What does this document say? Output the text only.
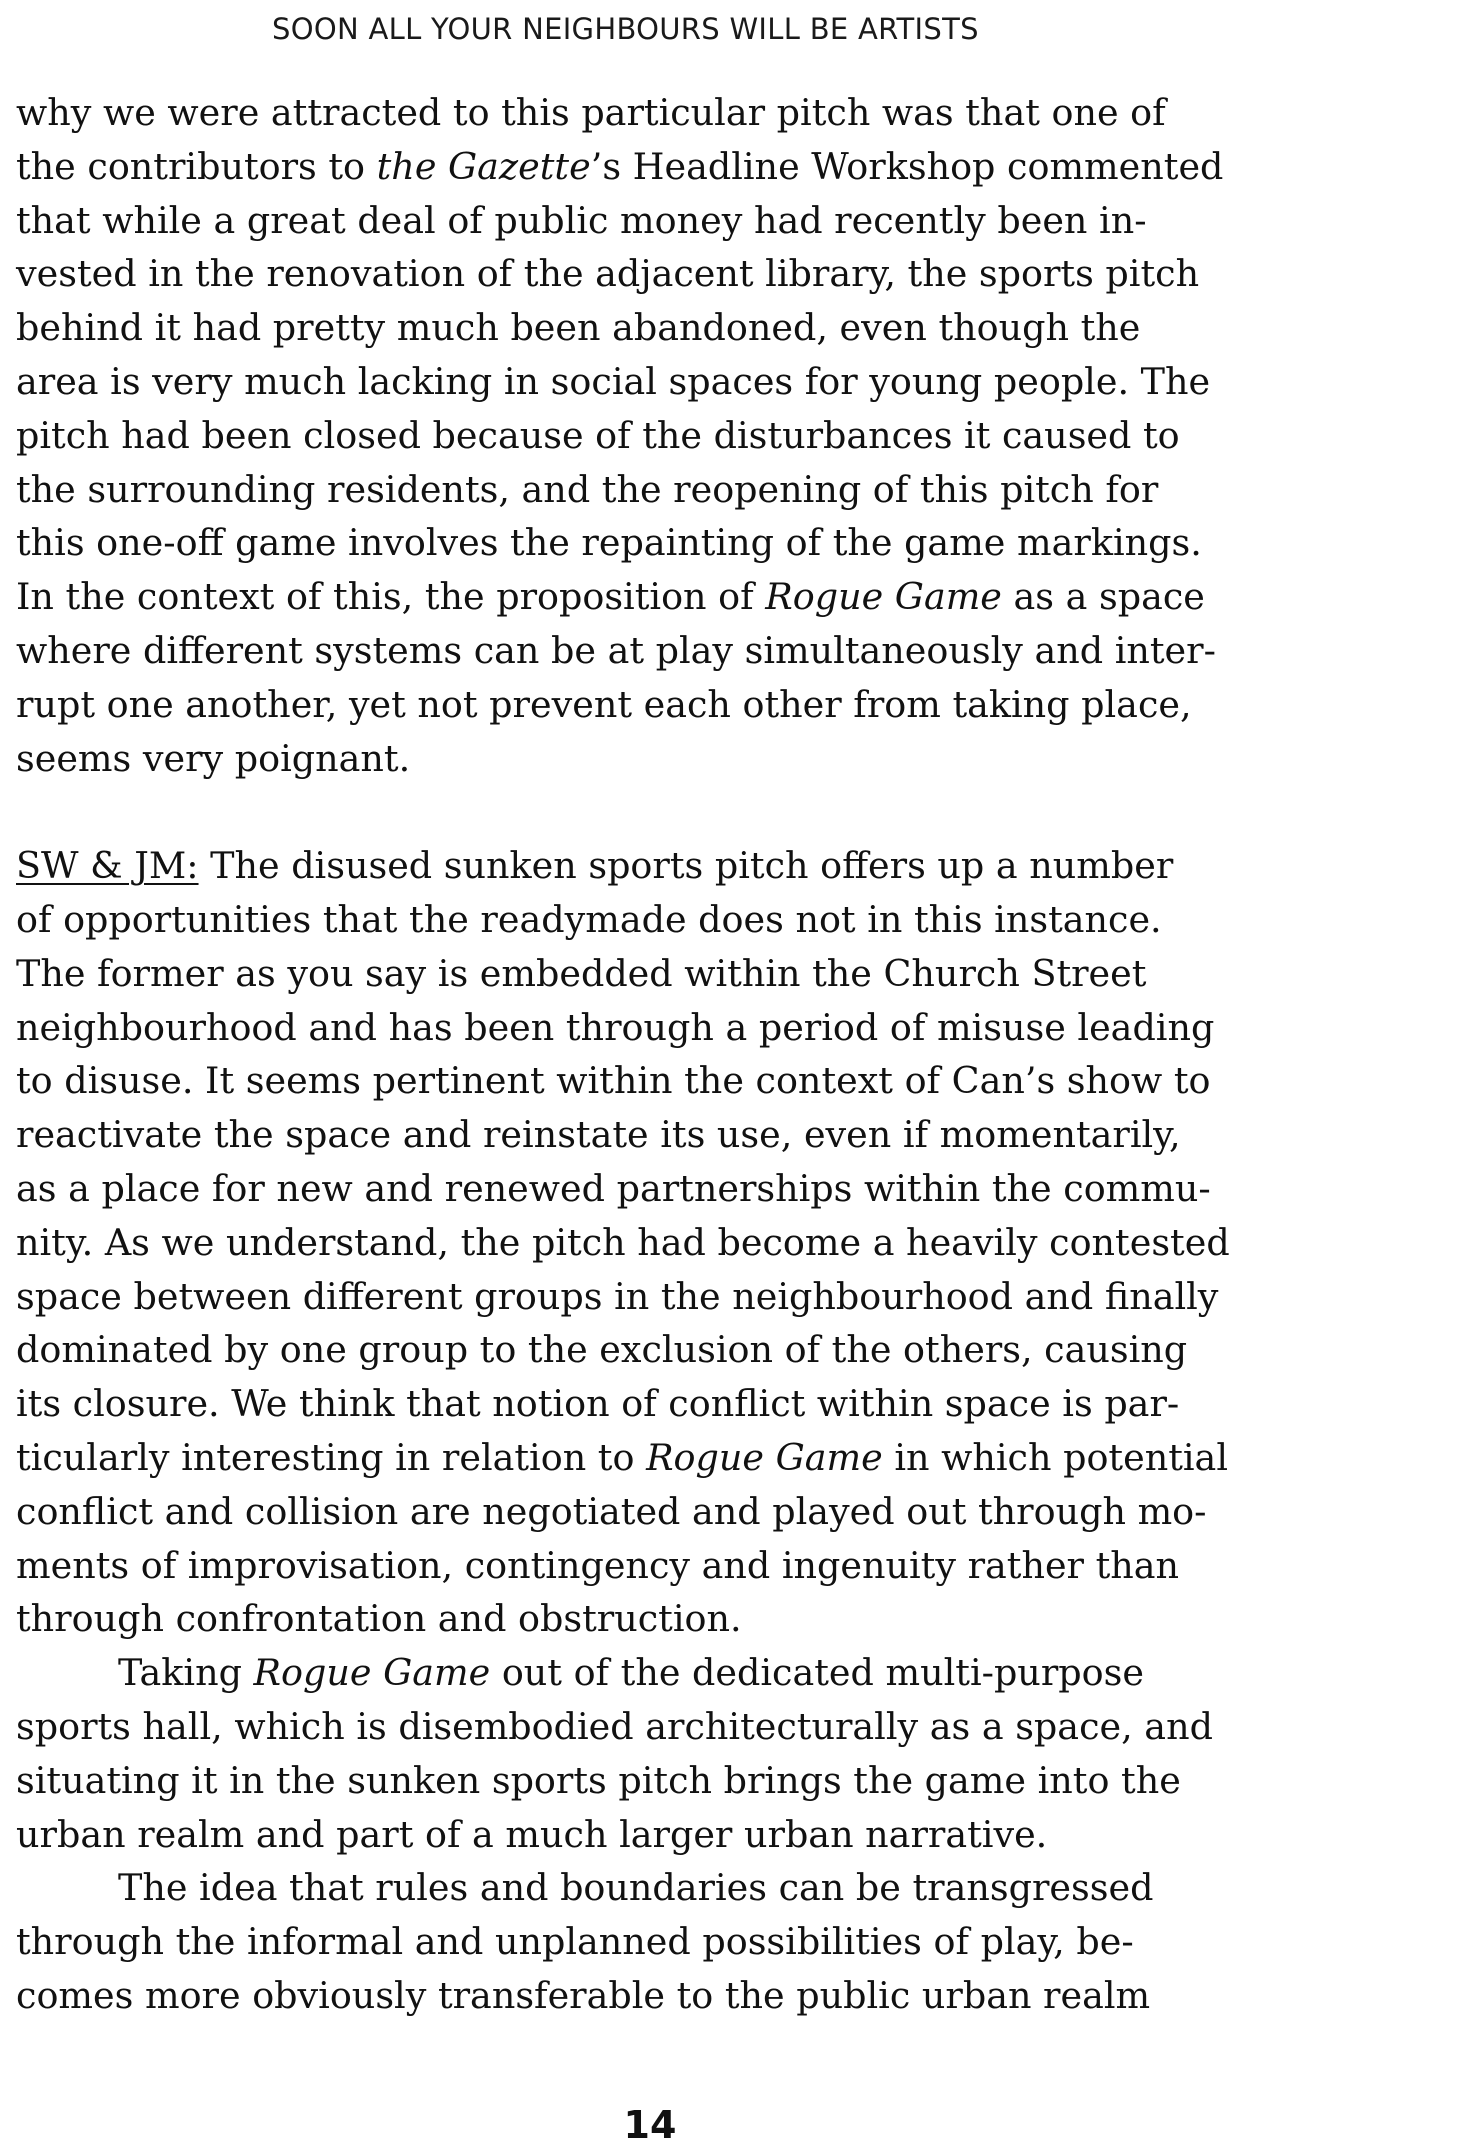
SOON ALL YOUR NEIGHBOURS WILL BE ARTISTS
why we were attracted to this particular pitch was that one of
the contributors to the Gazette’s Headline Workshop commented
that while a great deal of public money had recently been in-
vested in the renovation of the adjacent library, the sports pitch
behind it had pretty much been abandoned, even though the
area is very much lacking in social spaces for young people. The
pitch had been closed because of the disturbances it caused to
the surrounding residents, and the reopening of this pitch for
this one-off game involves the repainting of the game markings.
In the context of this, the proposition of Rogue Game as a space
where different systems can be at play simultaneously and inter-
rupt one another, yet not prevent each other from taking place,
seems very poignant.
SW & JM: The disused sunken sports pitch offers up a number
of opportunities that the readymade does not in this instance.
The former as you say is embedded within the Church Street
neighbourhood and has been through a period of misuse leading
to disuse. It seems pertinent within the context of Can’s show to
reactivate the space and reinstate its use, even if momentarily,
as a place for new and renewed partnerships within the commu-
nity. As we understand, the pitch had become a heavily contested
space between different groups in the neighbourhood and finally
dominated by one group to the exclusion of the others, causing
its closure. We think that notion of conflict within space is par-
ticularly interesting in relation to Rogue Game in which potential
conflict and collision are negotiated and played out through mo-
ments of improvisation, contingency and ingenuity rather than
through confrontation and obstruction.
Taking Rogue Game out of the dedicated multi-purpose
sports hall, which is disembodied architecturally as a space, and
situating it in the sunken sports pitch brings the game into the
urban realm and part of a much larger urban narrative.
The idea that rules and boundaries can be transgressed
through the informal and unplanned possibilities of play, be-
comes more obviously transferable to the public urban realm
14
